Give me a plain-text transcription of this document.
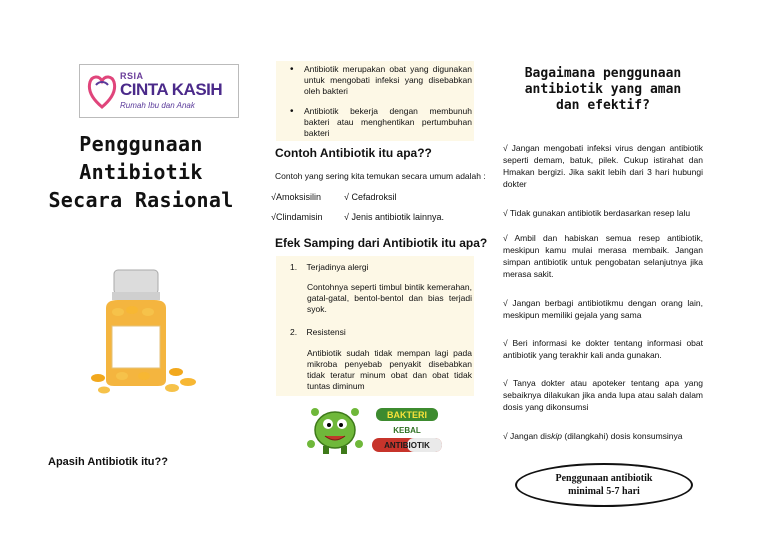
RSIA
CINTA KASIH
Rumah Ibu dan Anak
Penggunaan
Antibiotik
Secara Rasional
Apasih Antibiotik itu??
• Antibiotik merupakan obat yang digunakan untuk mengobati infeksi yang disebabkan oleh bakteri
• Antibiotik bekerja dengan membunuh bakteri atau menghentikan pertumbuhan bakteri
Contoh Antibiotik itu apa??
Contoh yang sering kita temukan secara umum adalah :
√Amoksisilin	√ Cefadroksil
√Clindamisin √ Jenis antibiotik lainnya.
Efek Samping dari Antibiotik itu apa?
1. Terjadinya alergi
Contohnya seperti timbul bintik kemerahan, gatal-gatal, bentol-bentol dan bias terjadi syok.
2. Resistensi
Antibiotik sudah tidak mempan lagi pada mikroba penyebab penyakit disebabkan tidak teratur minum obat dan obat tidak tuntas diminum
BAKTERI
KEBAL
ANTIBIOTIK
Bagaimana penggunaan
antibiotik yang aman
dan efektif?
√ Jangan mengobati infeksi virus dengan antibiotik seperti demam, batuk, pilek. Cukup istirahat dan Hmakan bergizi. Jika sakit lebih dari 3 hari hubungi dokter
√ Tidak gunakan antibiotik berdasarkan resep lalu
√ Ambil dan habiskan semua resep antibiotik, meskipun kamu mulai merasa membaik. Jangan simpan antibiotik untuk pengobatan selanjutnya jika merasa sakit.
√ Jangan berbagi antibiotikmu dengan orang lain, meskipun memiliki gejala yang sama
√ Beri informasi ke dokter tentang informasi obat antibiotik yang terakhir kali anda gunakan.
√ Tanya dokter atau apoteker tentang apa yang sebaiknya dilakukan jika anda lupa atau salah dalam dosis yang dikonsumsi
√ Jangan diskip (dilangkahi) dosis konsumsinya
Penggunaan antibiotik
minimal 5-7 hari
